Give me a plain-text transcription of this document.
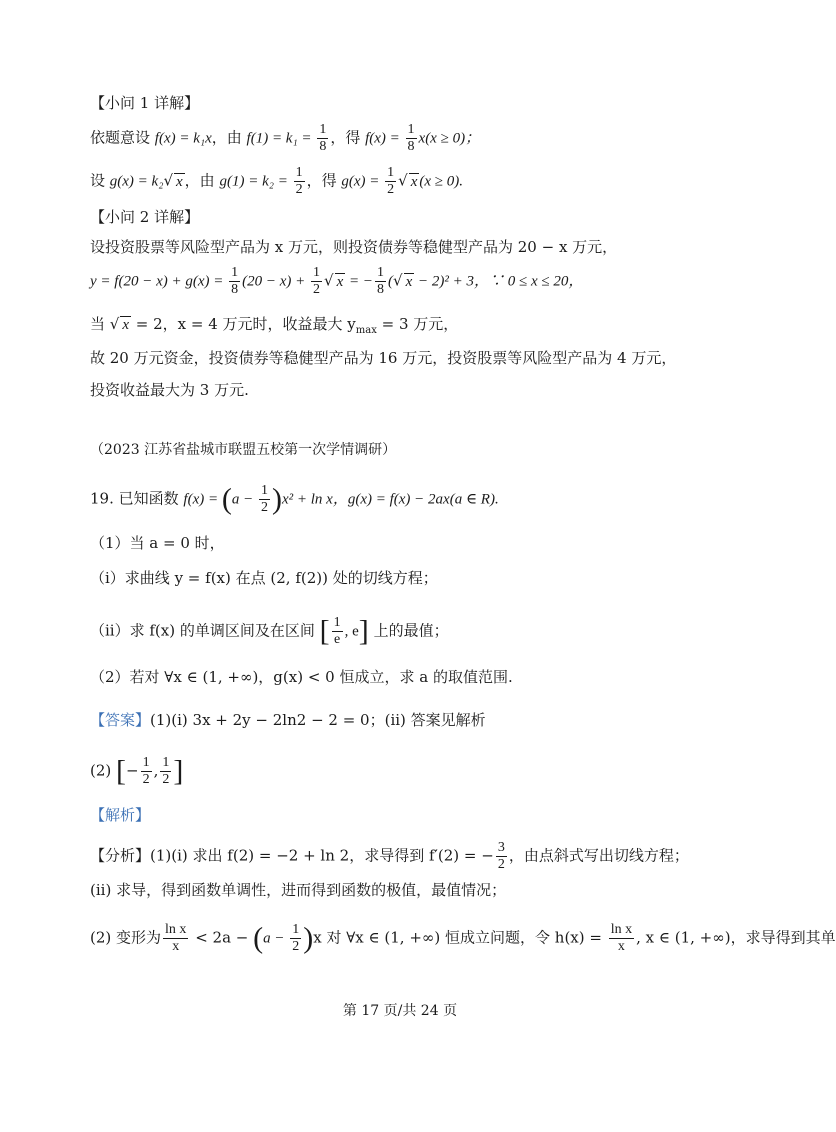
【小问 1 详解】
依题意设 f(x) = k₁x，由 $f(1) = k_1 = \frac{1}{8}$ ，得 $f(x) = \frac{1}{8} x(x \ge 0)$；
设 g(x) = k₂√ x ，由 $g(1) = k_2 = \frac{1}{2}$ ，得 $g(x) = \frac{1}{2}$ √ x (x ≥ 0).
【小问 2 详解】
设投资股票等风险型产品为 x 万元，则投资债券等稳健型产品为 20 − x 万元，
$y = f(20 - x) + g(x) = \frac{1}{8} (20 - x) + \frac{1}{2}$ √ x = − $\frac{1}{8}$ (√ x − 2)² + 3，∵ 0 ≤ x ≤ 20，
当 √ x = 2，x = 4 万元时，收益最大 $y_{max} = 3$ 万元，
故 20 万元资金，投资债券等稳健型产品为 16 万元，投资股票等风险型产品为 4 万元，
投资收益最大为 3 万元.
（2023 江苏省盐城市联盟五校第一次学情调研）
19. 已知函数 $f(x) = (a - \frac{1}{2} )x^2 + \ln x$，g(x) = f(x) − 2ax(a ∈ R).
（1）当 a = 0 时，
（i）求曲线 y = f(x) 在点 (2, f(2)) 处的切线方程；
（ii）求 f(x) 的单调区间及在区间 [ $\frac{1}{e}$ , e] 上的最值；
（2）若对 ∀x ∈ (1, +∞)，g(x) < 0 恒成立，求 a 的取值范围.
【答案】(1)(i) 3x + 2y − 2ln2 − 2 = 0；(ii) 答案见解析
(2) [− $\frac{1}{2}$ , $\frac{1}{2}$ ]
【解析】
【分析】(1)(i) 求出 f(2) = −2 + ln 2，求导得到 f′(2) = − $\frac{3}{2}$ ，由点斜式写出切线方程；
(ii) 求导，得到函数单调性，进而得到函数的极值，最值情况；
(2) 变形为 $\frac{\text{ln x}}{x} < 2a - (a - \frac{1}{2} )x$ 对 ∀x ∈ (1, +∞) 恒成立问题，令 $h(x) = \frac{\text{ln x}}{x}$ , x ∈ (1, +∞)，求导得到其单
第 17 页/共 24 页
